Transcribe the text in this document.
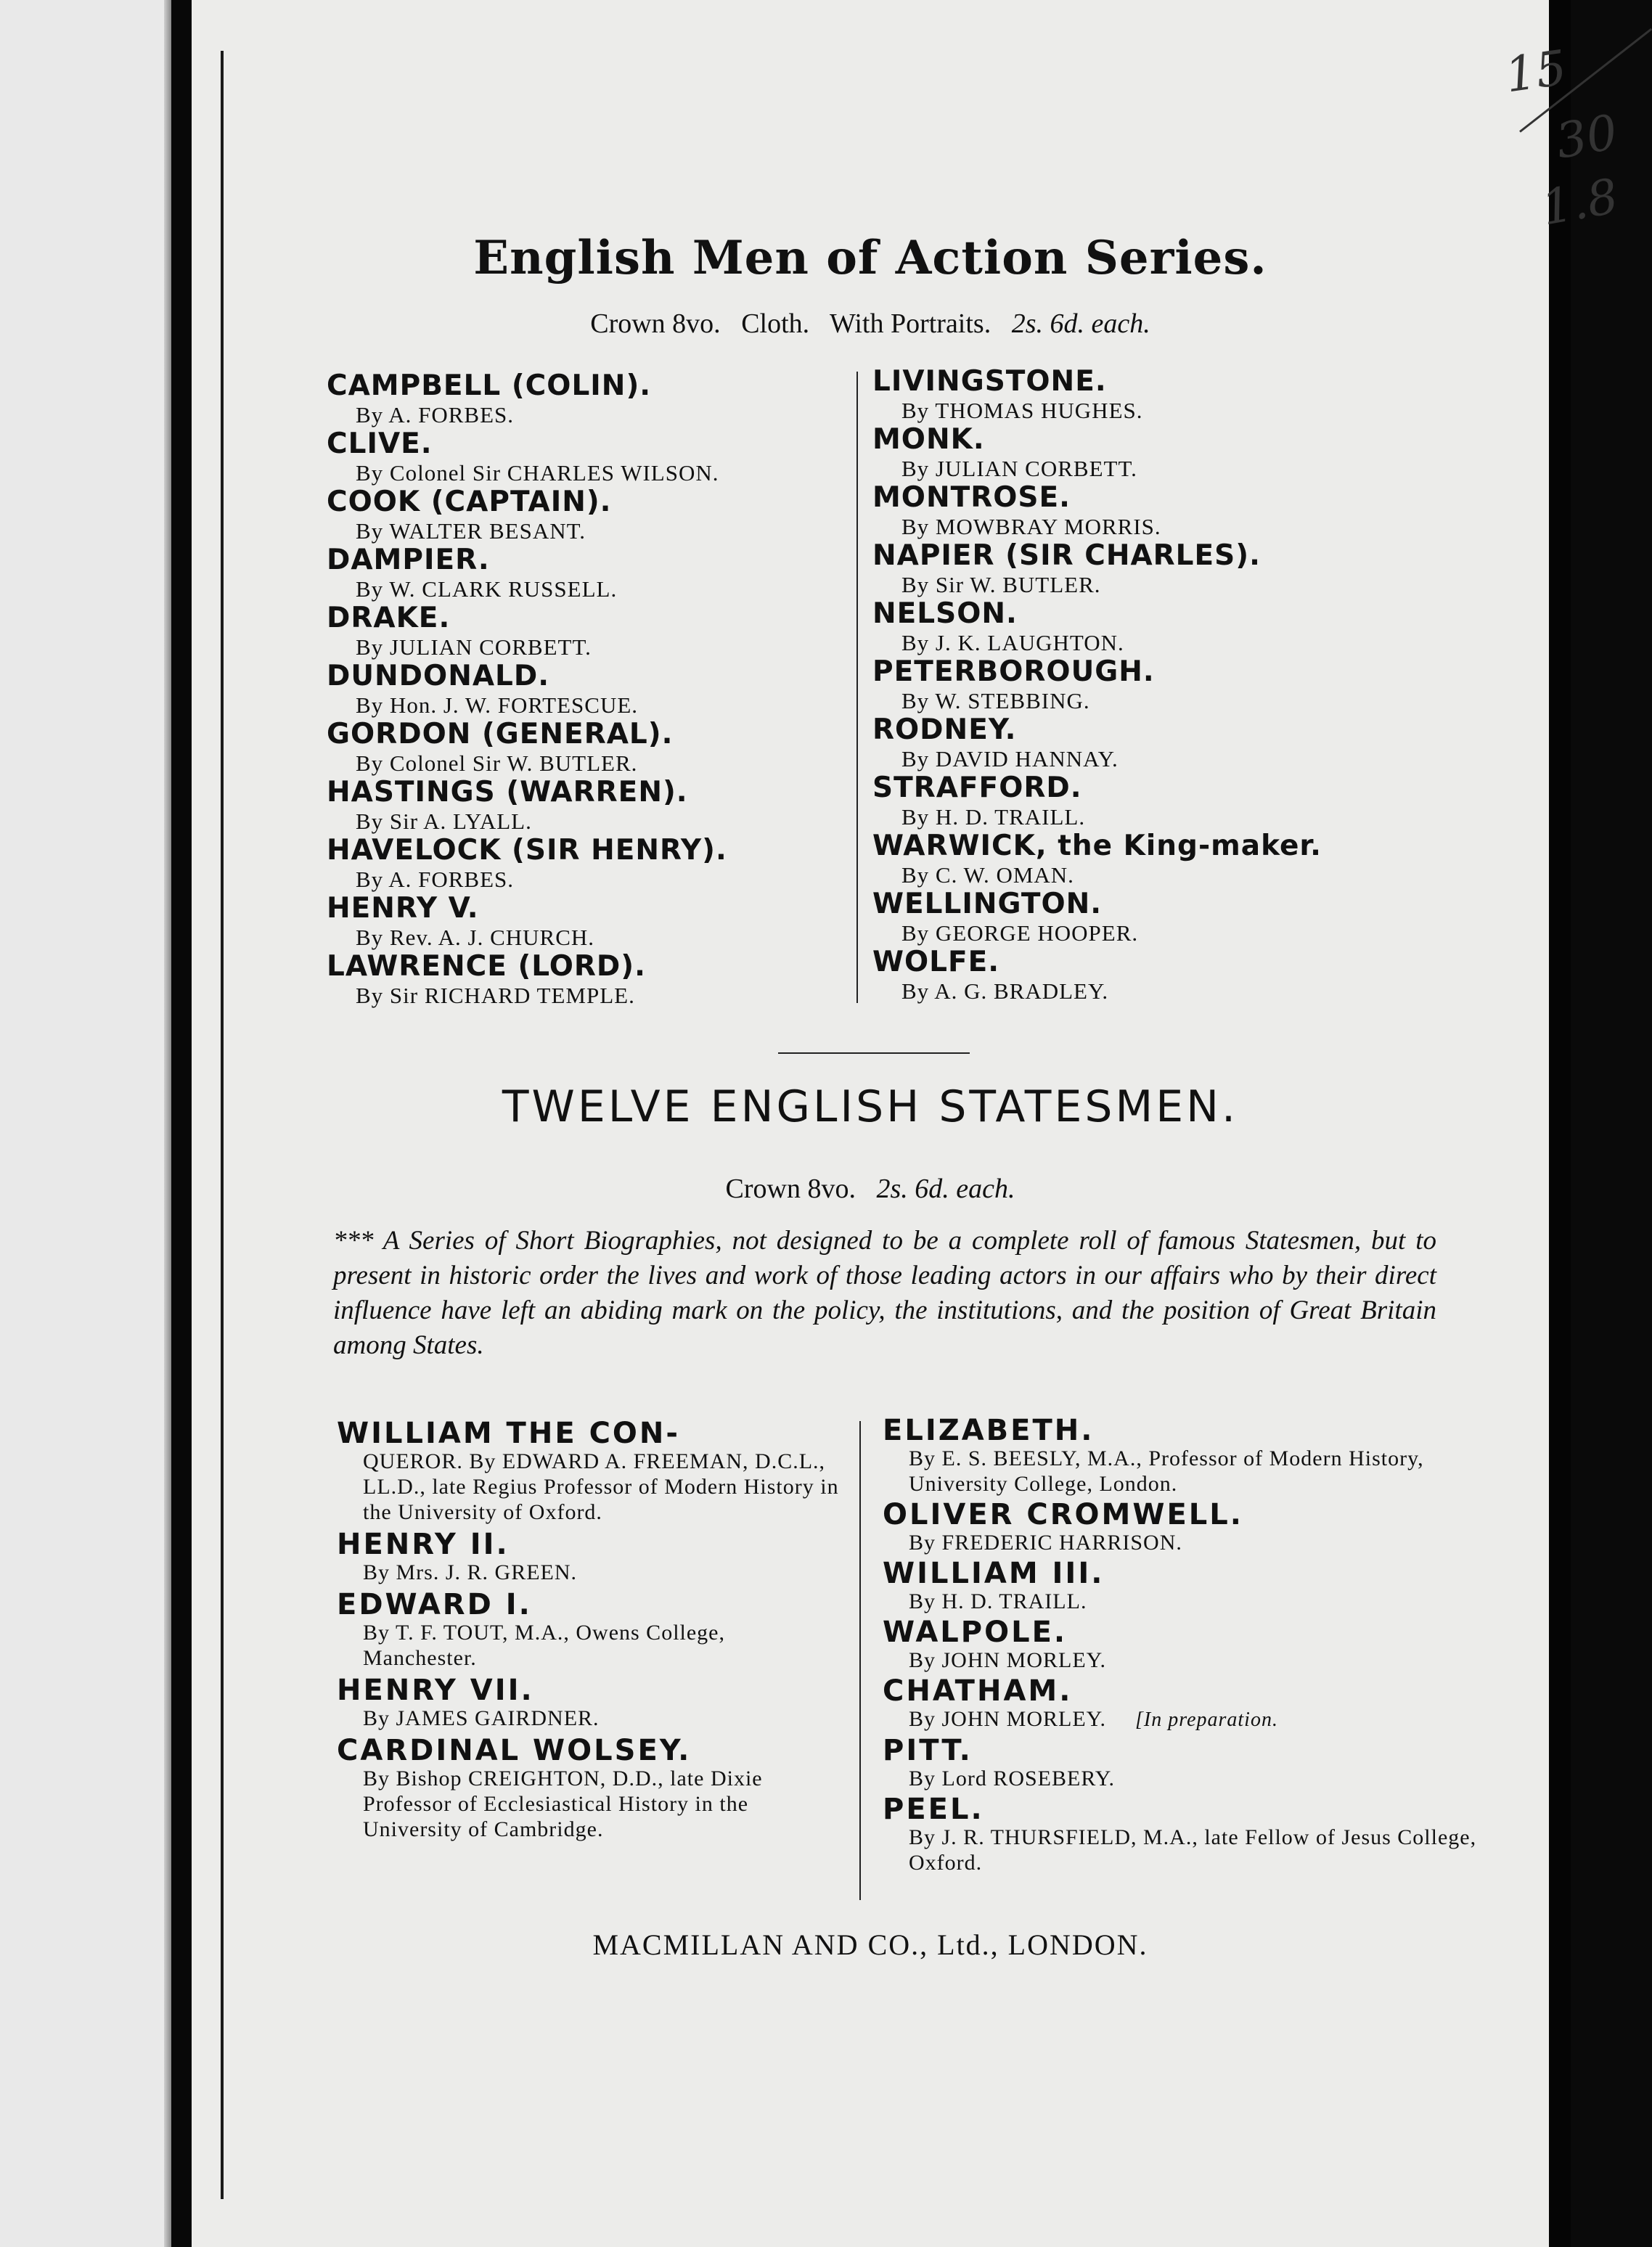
15
30
1.8
English Men of Action Series.
Crown 8vo. Cloth. With Portraits. 2s. 6d. each.
CAMPBELL (COLIN).
By A. FORBES.
CLIVE.
By Colonel Sir CHARLES WILSON.
COOK (CAPTAIN).
By WALTER BESANT.
DAMPIER.
By W. CLARK RUSSELL.
DRAKE.
By JULIAN CORBETT.
DUNDONALD.
By Hon. J. W. FORTESCUE.
GORDON (GENERAL).
By Colonel Sir W. BUTLER.
HASTINGS (WARREN).
By Sir A. LYALL.
HAVELOCK (SIR HENRY).
By A. FORBES.
HENRY V.
By Rev. A. J. CHURCH.
LAWRENCE (LORD).
By Sir RICHARD TEMPLE.
LIVINGSTONE.
By THOMAS HUGHES.
MONK.
By JULIAN CORBETT.
MONTROSE.
By MOWBRAY MORRIS.
NAPIER (SIR CHARLES).
By Sir W. BUTLER.
NELSON.
By J. K. LAUGHTON.
PETERBOROUGH.
By W. STEBBING.
RODNEY.
By DAVID HANNAY.
STRAFFORD.
By H. D. TRAILL.
WARWICK, the King-maker.
By C. W. OMAN.
WELLINGTON.
By GEORGE HOOPER.
WOLFE.
By A. G. BRADLEY.
TWELVE ENGLISH STATESMEN.
Crown 8vo. 2s. 6d. each.
*** A Series of Short Biographies, not designed to be a complete roll of famous Statesmen, but to present in historic order the lives and work of those leading actors in our affairs who by their direct influence have left an abiding mark on the policy, the institutions, and the position of Great Britain among States.
WILLIAM THE CON-
QUEROR. By EDWARD A. FREEMAN, D.C.L., LL.D., late Regius Professor of Modern History in the University of Oxford.
HENRY II.
By Mrs. J. R. GREEN.
EDWARD I.
By T. F. TOUT, M.A., Owens College, Manchester.
HENRY VII.
By JAMES GAIRDNER.
CARDINAL WOLSEY.
By Bishop CREIGHTON, D.D., late Dixie Professor of Ecclesiastical History in the University of Cambridge.
ELIZABETH.
By E. S. BEESLY, M.A., Professor of Modern History, University College, London.
OLIVER CROMWELL.
By FREDERIC HARRISON.
WILLIAM III.
By H. D. TRAILL.
WALPOLE.
By JOHN MORLEY.
CHATHAM.
By JOHN MORLEY. [In preparation.
PITT.
By Lord ROSEBERY.
PEEL.
By J. R. THURSFIELD, M.A., late Fellow of Jesus College, Oxford.
MACMILLAN AND CO., Ltd., LONDON.
